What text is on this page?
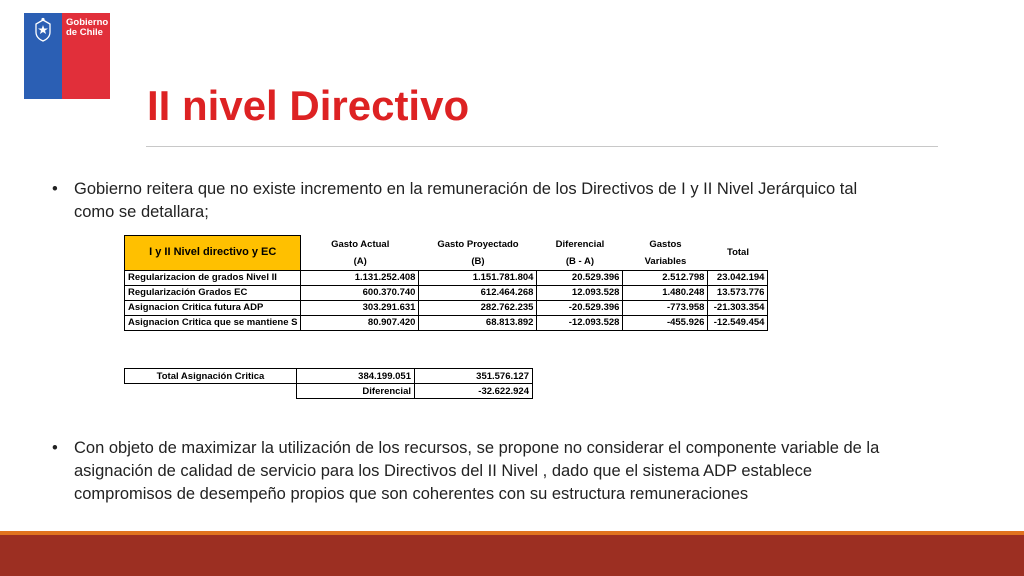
Gobierno
de Chile
II nivel Directivo
• Gobierno reitera que no existe incremento en la remuneración de los Directivos de I y II Nivel Jerárquico tal
como se detallara;
I y II Nivel directivo y EC	Gasto Actual	Gasto Proyectado	Diferencial	Gastos	Total
	(A)	(B)	(B - A)	Variables	
Regularizacion de grados Nivel II	1.131.252.408	1.151.781.804	20.529.396	2.512.798	23.042.194
Regularización Grados EC	600.370.740	612.464.268	12.093.528	1.480.248	13.573.776
Asignacion Critica futura ADP	303.291.631	282.762.235	-20.529.396	-773.958	-21.303.354
Asignacion Critica que se mantiene S	80.907.420	68.813.892	-12.093.528	-455.926	-12.549.454
Total Asignación Critica	384.199.051	351.576.127
	Diferencial	-32.622.924
• Con objeto de maximizar la utilización de los recursos, se propone no considerar el componente variable de la
asignación de calidad de servicio para los Directivos del II Nivel , dado que el sistema ADP establece
compromisos de desempeño propios que son coherentes con su estructura remuneraciones
